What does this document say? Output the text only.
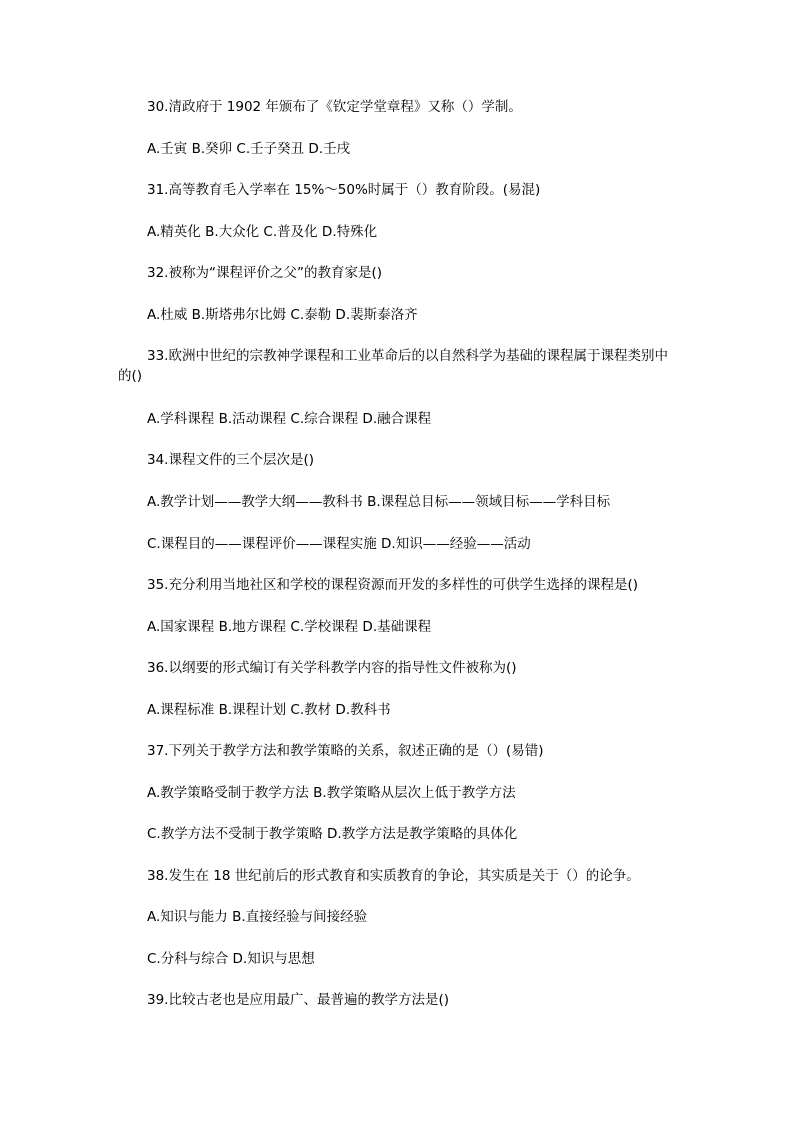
30.清政府于 1902 年颁布了《钦定学堂章程》又称（）学制。
A.壬寅 B.癸卯 C.壬子癸丑 D.壬戌
31.高等教育毛入学率在 15%～50%时属于（）教育阶段。(易混)
A.精英化 B.大众化 C.普及化 D.特殊化
32.被称为“课程评价之父”的教育家是()
A.杜威 B.斯塔弗尔比姆 C.泰勒 D.裴斯泰洛齐
33.欧洲中世纪的宗教神学课程和工业革命后的以自然科学为基础的课程属于课程类别中的()
A.学科课程 B.活动课程 C.综合课程 D.融合课程
34.课程文件的三个层次是()
A.教学计划——教学大纲——教科书 B.课程总目标——领域目标——学科目标
C.课程目的——课程评价——课程实施 D.知识——经验——活动
35.充分利用当地社区和学校的课程资源而开发的多样性的可供学生选择的课程是()
A.国家课程 B.地方课程 C.学校课程 D.基础课程
36.以纲要的形式编订有关学科教学内容的指导性文件被称为()
A.课程标准 B.课程计划 C.教材 D.教科书
37.下列关于教学方法和教学策略的关系，叙述正确的是（）(易错)
A.教学策略受制于教学方法 B.教学策略从层次上低于教学方法
C.教学方法不受制于教学策略 D.教学方法是教学策略的具体化
38.发生在 18 世纪前后的形式教育和实质教育的争论，其实质是关于（）的论争。
A.知识与能力 B.直接经验与间接经验
C.分科与综合 D.知识与思想
39.比较古老也是应用最广、最普遍的教学方法是()
